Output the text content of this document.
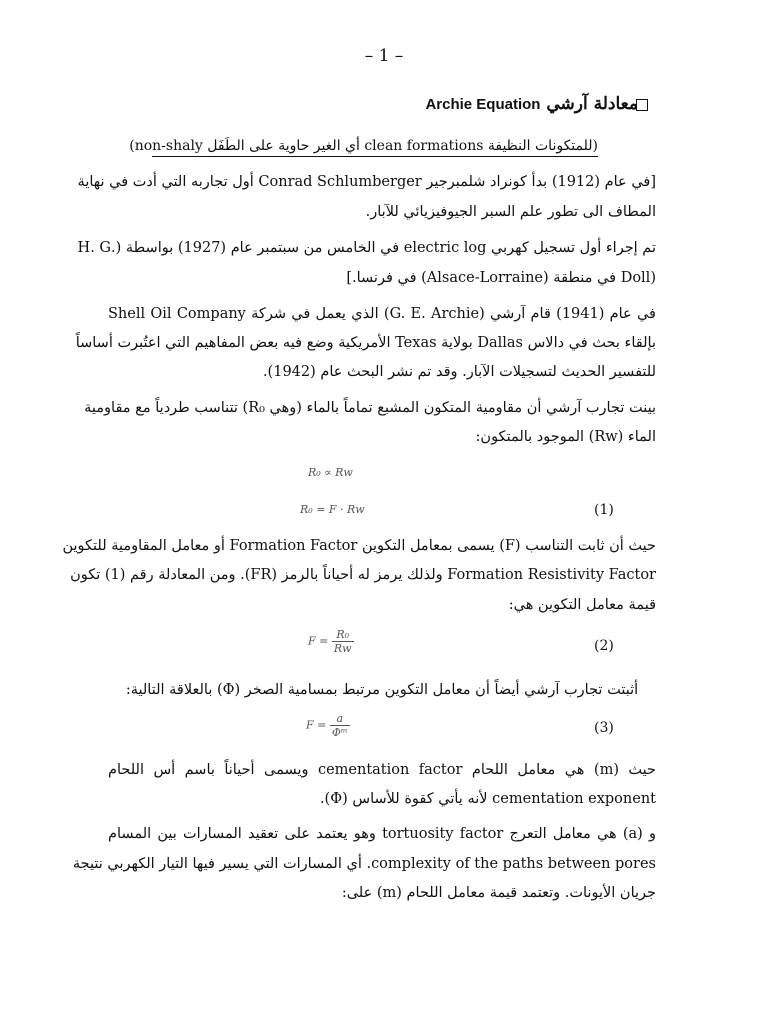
– 1 –
معادلة آرشي Archie Equation
(للمتكونات النظيفة clean formations أي الغير حاوية على الطَفَل non-shaly)
[في عام (1912) بدأ كونراد شلمبرجير Conrad Schlumberger أول تجاربه التي أدت في نهاية
المطاف الى تطور علم السبر الجيوفيزيائي للآبار.
تم إجراء أول تسجيل كهربي electric log في الخامس من سبتمبر عام (1927) بواسطة (.H. G
(Doll في منطقة (Alsace-Lorraine) في فرنسا.]
في عام (1941) قام آرشي (G. E. Archie) الذي يعمل في شركة Shell Oil Company
بإلقاء بحث في دالاس Dallas بولاية Texas الأمريكية وضع فيه بعض المفاهيم التي اعتُبرت أساساً
للتفسير الحديث لتسجيلات الآبار. وقد تم نشر البحث عام (1942).
بينت تجارب آرشي أن مقاومية المتكون المشبع تماماً بالماء (وهي R₀) تتناسب طردياً مع مقاومية
الماء (Rw) الموجود بالمتكون:
R₀ ∝ Rw
R₀ = F · Rw	(1)
حيث أن ثابت التناسب (F) يسمى بمعامل التكوين Formation Factor أو معامل المقاومية للتكوين
Formation Resistivity Factor ولذلك يرمز له أحياناً بالرمز (FR). ومن المعادلة رقم (1) تكون
قيمة معامل التكوين هي:
$F = \frac{\text{R₀}}{Rw}$	(2)
أثبتت تجارب آرشي أيضاً أن معامل التكوين مرتبط بمسامية الصخر (Φ) بالعلاقة التالية:
$F = \frac{a}{\text{Φᵐ}}$	(3)
حيث (m) هي معامل اللحام cementation factor ويسمى أحياناً باسم أس اللحام
cementation exponent لأنه يأتي كقوة للأساس (Φ).
و (a) هي معامل التعرج tortuosity factor وهو يعتمد على تعقيد المسارات بين المسام
complexity of the paths between pores. أي المسارات التي يسير فيها التيار الكهربي نتيجة
جريان الأيونات. وتعتمد قيمة معامل اللحام (m) على:
